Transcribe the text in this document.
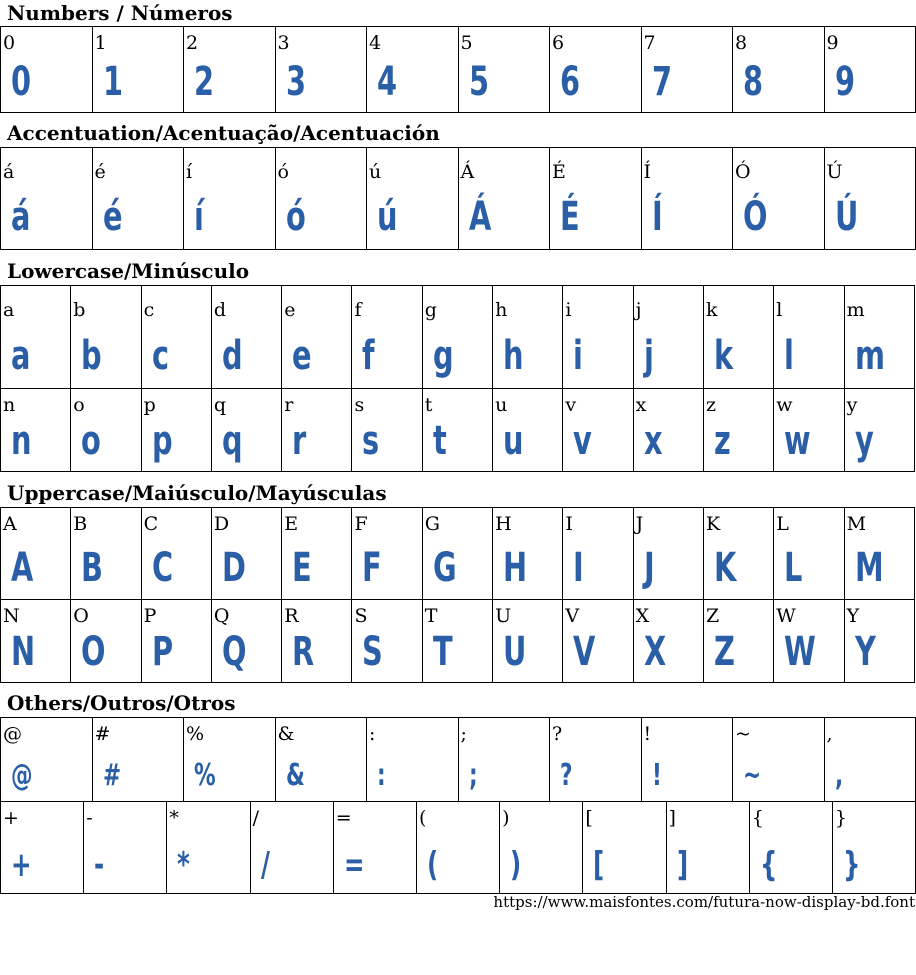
Numbers / Números
0
0
1
1
2
2
3
3
4
4
5
5
6
6
7
7
8
8
9
9
Accentuation/Acentuação/Acentuación
á
á
é
é
í
í
ó
ó
ú
ú
Á
Á
É
É
Í
Í
Ó
Ó
Ú
Ú
Lowercase/Minúsculo
a
a
b
b
c
c
d
d
e
e
f
f
g
g
h
h
i
i
j
j
k
k
l
l
m
m
n
n
o
o
p
p
q
q
r
r
s
s
t
t
u
u
v
v
x
x
z
z
w
w
y
y
Uppercase/Maiúsculo/Mayúsculas
A
A
B
B
C
C
D
D
E
E
F
F
G
G
H
H
I
I
J
J
K
K
L
L
M
M
N
N
O
O
P
P
Q
Q
R
R
S
S
T
T
U
U
V
V
X
X
Z
Z
W
W
Y
Y
Others/Outros/Otros
@
@
#
#
%
%
&
&
:
:
;
;
?
?
!
!
~
~
,
,
+
+
-
-
*
*
/
/
=
=
(
(
)
)
[
[
]
]
{
{
}
}
https://www.maisfontes.com/futura-now-display-bd.font
